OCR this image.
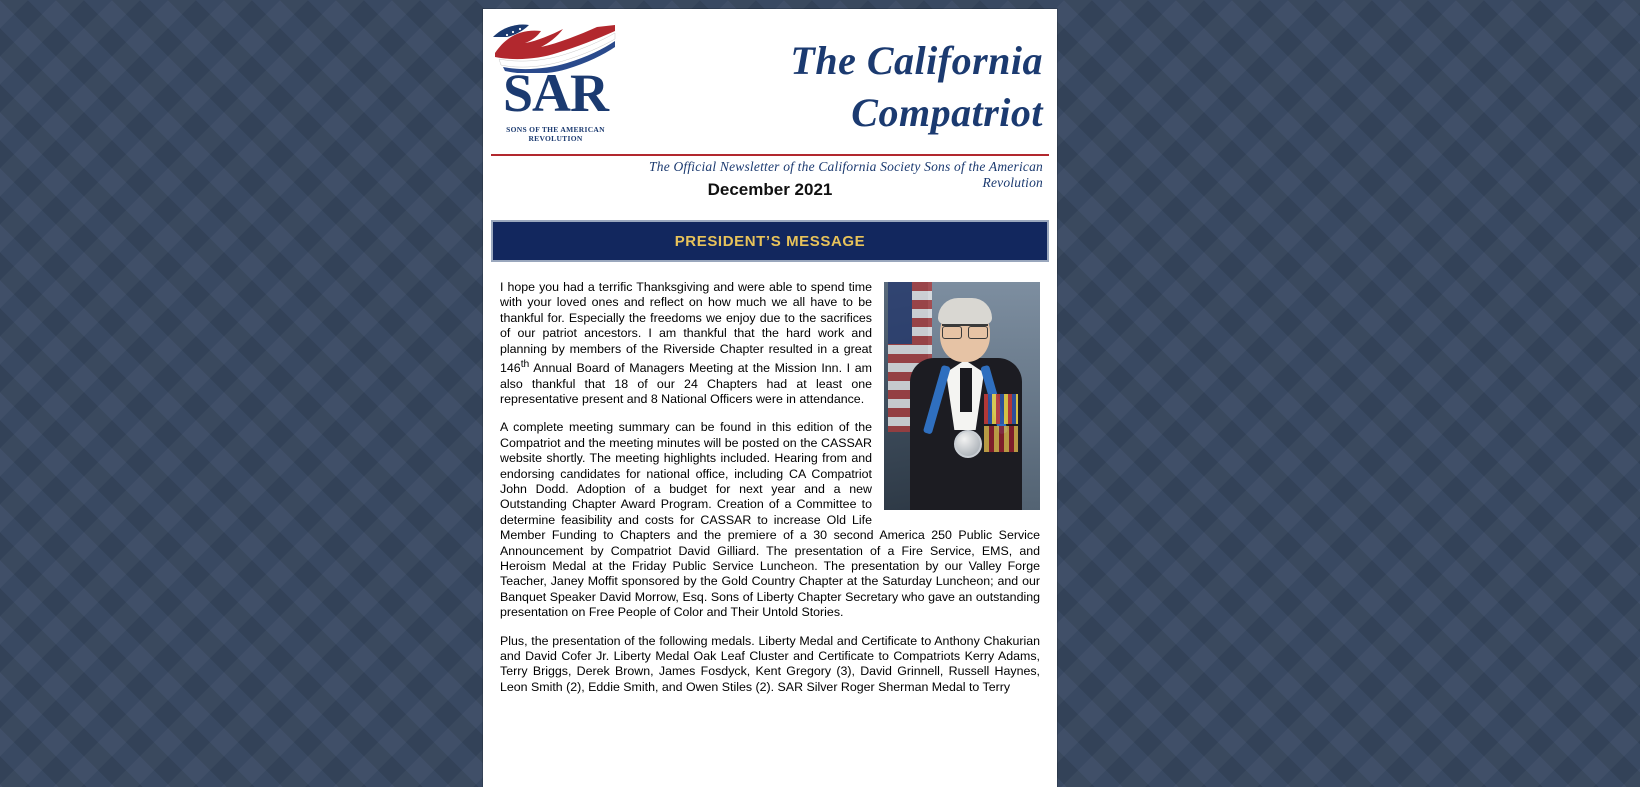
SAR
SONS OF THE AMERICAN REVOLUTION
The California Compatriot
The Official Newsletter of the California Society Sons of the American Revolution
December 2021
PRESIDENT’S MESSAGE

I hope you had a terrific Thanksgiving and were able to spend time with your loved ones and reflect on how much we all have to be thankful for. Especially the freedoms we enjoy due to the sacrifices of our patriot ancestors. I am thankful that the hard work and planning by members of the Riverside Chapter resulted in a great 146th Annual Board of Managers Meeting at the Mission Inn. I am also thankful that 18 of our 24 Chapters had at least one representative present and 8 National Officers were in attendance.

A complete meeting summary can be found in this edition of the Compatriot and the meeting minutes will be posted on the CASSAR website shortly. The meeting highlights included. Hearing from and endorsing candidates for national office, including CA Compatriot John Dodd. Adoption of a budget for next year and a new Outstanding Chapter Award Program. Creation of a Committee to determine feasibility and costs for CASSAR to increase Old Life Member Funding to Chapters and the premiere of a 30 second America 250 Public Service Announcement by Compatriot David Gilliard. The presentation of a Fire Service, EMS, and Heroism Medal at the Friday Public Service Luncheon. The presentation by our Valley Forge Teacher, Janey Moffit sponsored by the Gold Country Chapter at the Saturday Luncheon; and our Banquet Speaker David Morrow, Esq. Sons of Liberty Chapter Secretary who gave an outstanding presentation on Free People of Color and Their Untold Stories.

Plus, the presentation of the following medals. Liberty Medal and Certificate to Anthony Chakurian and David Cofer Jr. Liberty Medal Oak Leaf Cluster and Certificate to Compatriots Kerry Adams, Terry Briggs, Derek Brown, James Fosdyck, Kent Gregory (3), David Grinnell, Russell Haynes, Leon Smith (2), Eddie Smith, and Owen Stiles (2). SAR Silver Roger Sherman Medal to Terry
